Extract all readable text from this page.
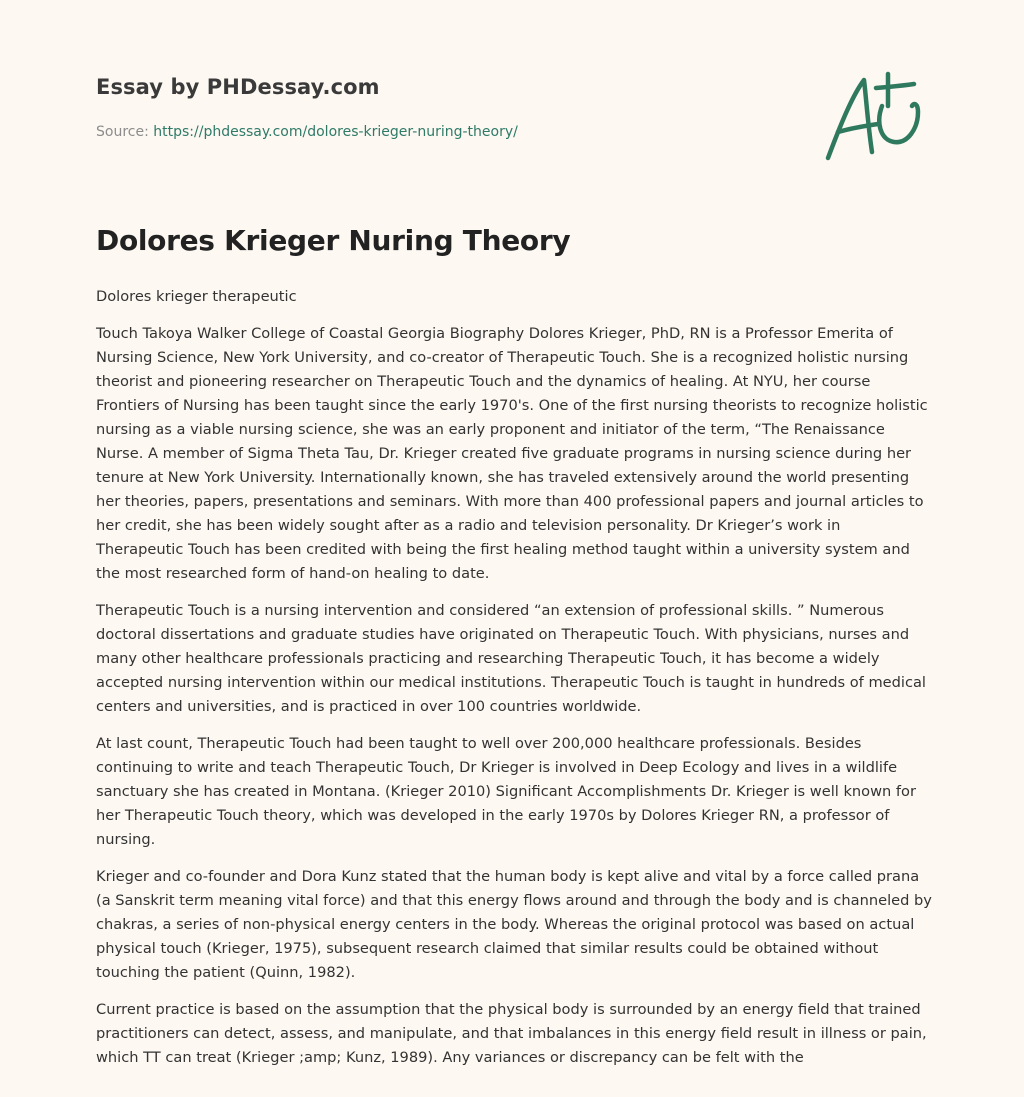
Essay by PHDessay.com

Source: https://phdessay.com/dolores-krieger-nuring-theory/

Dolores Krieger Nuring Theory

Dolores krieger therapeutic

Touch Takoya Walker College of Coastal Georgia Biography Dolores Krieger, PhD, RN is a Professor Emerita of Nursing Science, New York University, and co-creator of Therapeutic Touch. She is a recognized holistic nursing theorist and pioneering researcher on Therapeutic Touch and the dynamics of healing. At NYU, her course Frontiers of Nursing has been taught since the early 1970's. One of the first nursing theorists to recognize holistic nursing as a viable nursing science, she was an early proponent and initiator of the term, “The Renaissance Nurse. A member of Sigma Theta Tau, Dr. Krieger created five graduate programs in nursing science during her tenure at New York University. Internationally known, she has traveled extensively around the world presenting her theories, papers, presentations and seminars. With more than 400 professional papers and journal articles to her credit, she has been widely sought after as a radio and television personality. Dr Krieger’s work in Therapeutic Touch has been credited with being the first healing method taught within a university system and the most researched form of hand-on healing to date.

Therapeutic Touch is a nursing intervention and considered “an extension of professional skills. ” Numerous doctoral dissertations and graduate studies have originated on Therapeutic Touch. With physicians, nurses and many other healthcare professionals practicing and researching Therapeutic Touch, it has become a widely accepted nursing intervention within our medical institutions. Therapeutic Touch is taught in hundreds of medical centers and universities, and is practiced in over 100 countries worldwide.

At last count, Therapeutic Touch had been taught to well over 200,000 healthcare professionals. Besides continuing to write and teach Therapeutic Touch, Dr Krieger is involved in Deep Ecology and lives in a wildlife sanctuary she has created in Montana. (Krieger 2010) Significant Accomplishments Dr. Krieger is well known for her Therapeutic Touch theory, which was developed in the early 1970s by Dolores Krieger RN, a professor of nursing.

Krieger and co-founder and Dora Kunz stated that the human body is kept alive and vital by a force called prana (a Sanskrit term meaning vital force) and that this energy flows around and through the body and is channeled by chakras, a series of non-physical energy centers in the body. Whereas the original protocol was based on actual physical touch (Krieger, 1975), subsequent research claimed that similar results could be obtained without touching the patient (Quinn, 1982).

Current practice is based on the assumption that the physical body is surrounded by an energy field that trained practitioners can detect, assess, and manipulate, and that imbalances in this energy field result in illness or pain, which TT can treat (Krieger ;amp; Kunz, 1989). Any variances or discrepancy can be felt with the
